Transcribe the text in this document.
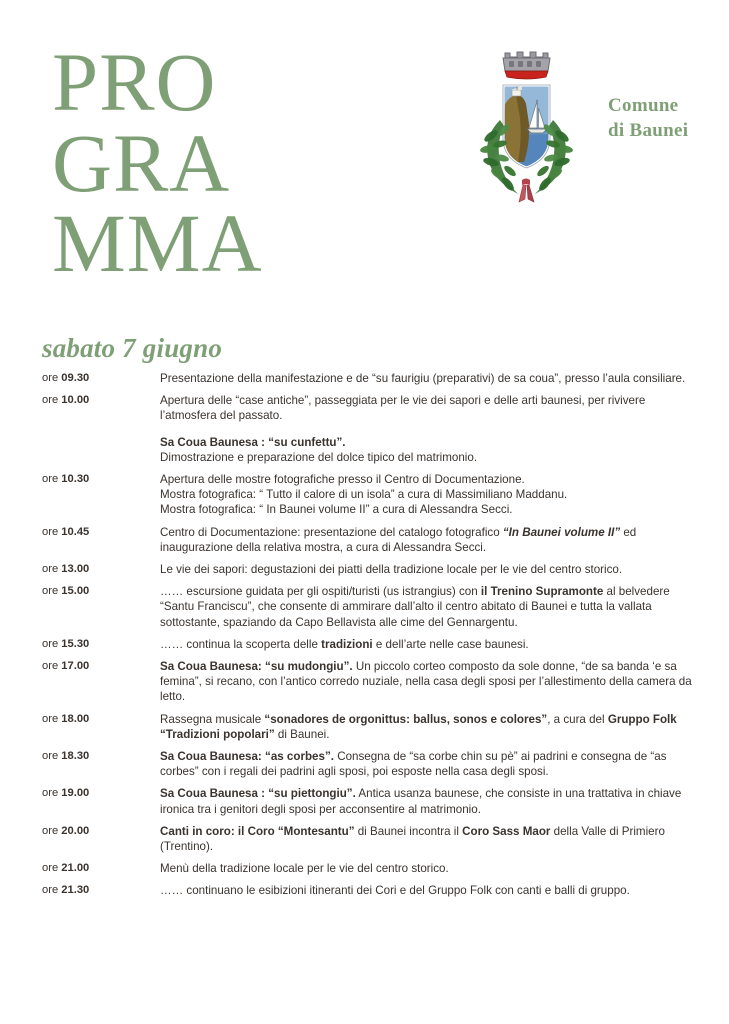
PRO
GRA
MMA
Comune
di Baunei
sabato 7 giugno
ore 09.30	Presentazione della manifestazione e de “su faurigiu (preparativi) de sa coua”, presso l’aula consiliare.

ore 10.00	Apertura delle “case antiche”, passeggiata per le vie dei sapori e delle arti baunesi, per rivivere l’atmosfera del passato.

Sa Coua Baunesa : “su cunfettu”.
Dimostrazione e preparazione del dolce tipico del matrimonio.

ore 10.30	Apertura delle mostre fotografiche presso il Centro di Documentazione.
Mostra fotografica: “ Tutto il calore di un isola” a cura di Massimiliano Maddanu.
Mostra fotografica: “ In Baunei volume II” a cura di Alessandra Secci.

ore 10.45	Centro di Documentazione: presentazione del catalogo fotografico “In Baunei volume II” ed inaugurazione della relativa mostra, a cura di Alessandra Secci.

ore 13.00	Le vie dei sapori: degustazioni dei piatti della tradizione locale per le vie del centro storico.

ore 15.00	…… escursione guidata per gli ospiti/turisti (us istrangius) con il Trenino Supramonte al belvedere “Santu Franciscu”, che consente di ammirare dall’alto il centro abitato di Baunei e tutta la vallata sottostante, spaziando da Capo Bellavista alle cime del Gennargentu.

ore 15.30	…… continua la scoperta delle tradizioni e dell’arte nelle case baunesi.

ore 17.00	Sa Coua Baunesa: “su mudongiu”. Un piccolo corteo composto da sole donne, “de sa banda ‘e sa femina”, si recano, con l’antico corredo nuziale, nella casa degli sposi per l’allestimento della camera da letto.

ore 18.00	Rassegna musicale “sonadores de orgonittus: ballus, sonos e colores”, a cura del Gruppo Folk “Tradizioni popolari” di Baunei.

ore 18.30	Sa Coua Baunesa: “as corbes”. Consegna de “sa corbe chin su pè” ai padrini e consegna de “as corbes” con i regali dei padrini agli sposi, poi esposte nella casa degli sposi.

ore 19.00	Sa Coua Baunesa : “su piettongiu”. Antica usanza baunese, che consiste in una trattativa in chiave ironica tra i genitori degli sposi per acconsentire al matrimonio.

ore 20.00	Canti in coro: il Coro “Montesantu” di Baunei incontra il Coro Sass Maor della Valle di Primiero (Trentino).

ore 21.00	Menù della tradizione locale per le vie del centro storico.

ore 21.30	…… continuano le esibizioni itineranti dei Cori e del Gruppo Folk con canti e balli di gruppo.
